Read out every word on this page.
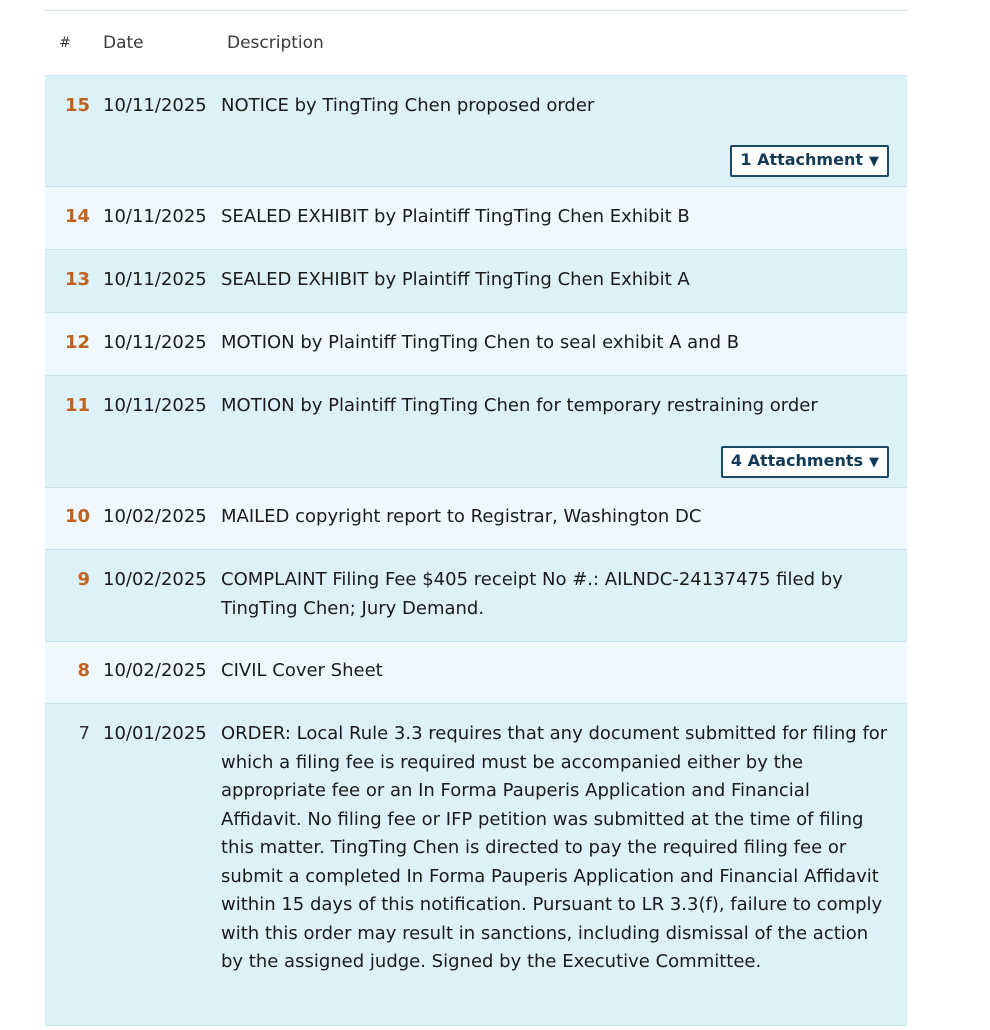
#	Date	Description
15 10/11/2025 NOTICE by TingTing Chen proposed order
1 Attachment ▼
14 10/11/2025 SEALED EXHIBIT by Plaintiff TingTing Chen Exhibit B
13 10/11/2025 SEALED EXHIBIT by Plaintiff TingTing Chen Exhibit A
12 10/11/2025 MOTION by Plaintiff TingTing Chen to seal exhibit A and B
11 10/11/2025 MOTION by Plaintiff TingTing Chen for temporary restraining order
4 Attachments ▼
10 10/02/2025 MAILED copyright report to Registrar, Washington DC
9 10/02/2025 COMPLAINT Filing Fee $405 receipt No #.: AILNDC-24137475 filed by TingTing Chen; Jury Demand.
8 10/02/2025 CIVIL Cover Sheet
7 10/01/2025 ORDER: Local Rule 3.3 requires that any document submitted for filing for which a filing fee is required must be accompanied either by the appropriate fee or an In Forma Pauperis Application and Financial Affidavit. No filing fee or IFP petition was submitted at the time of filing this matter. TingTing Chen is directed to pay the required filing fee or submit a completed In Forma Pauperis Application and Financial Affidavit within 15 days of this notification. Pursuant to LR 3.3(f), failure to comply with this order may result in sanctions, including dismissal of the action by the assigned judge. Signed by the Executive Committee.
